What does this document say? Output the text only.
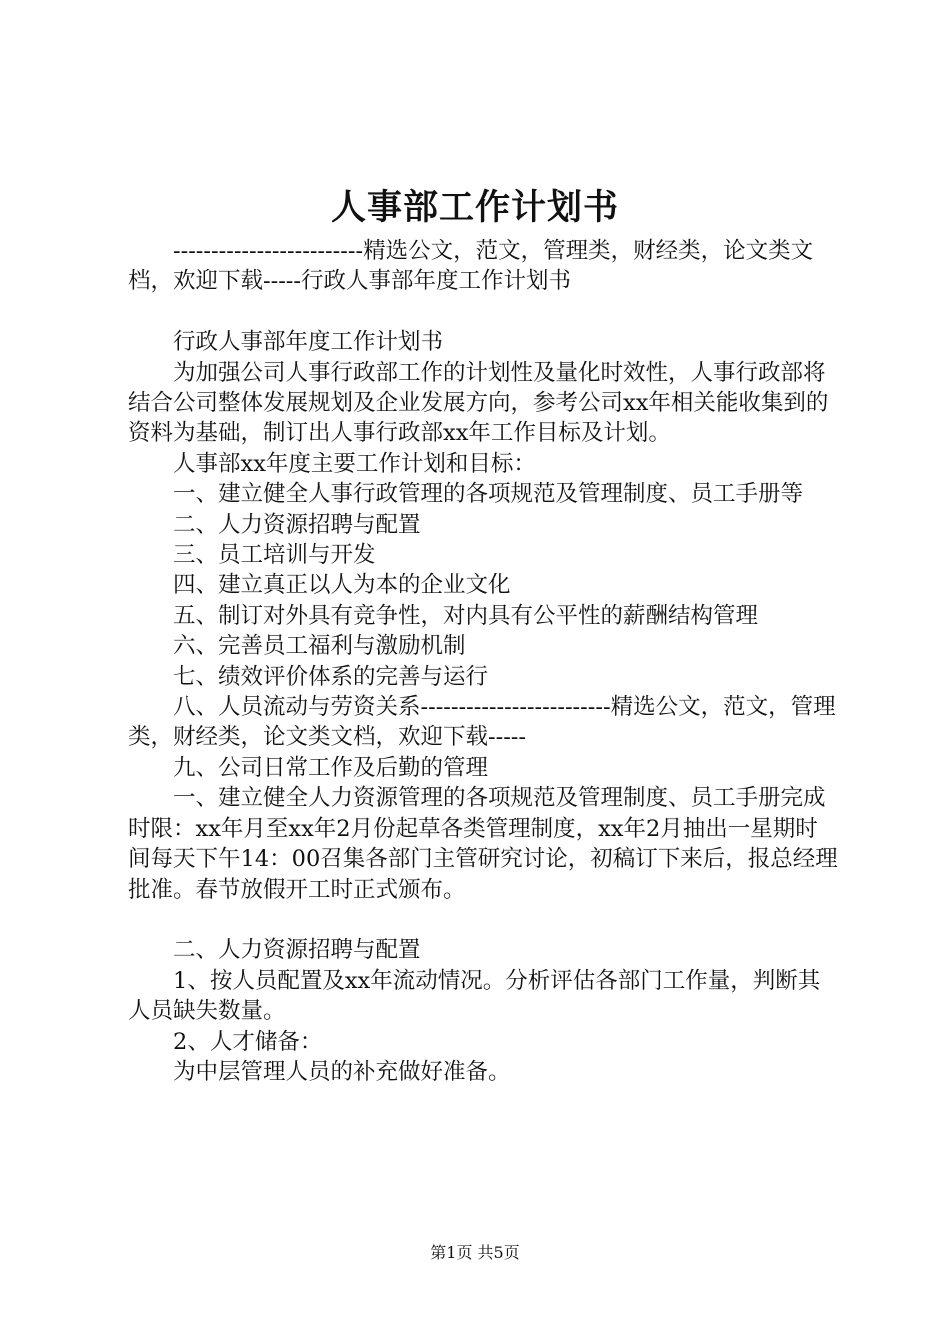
人事部工作计划书

-------------------------精选公文，范文，管理类，财经类，论文类文档，欢迎下载-----行政人事部年度工作计划书

行政人事部年度工作计划书

为加强公司人事行政部工作的计划性及量化时效性，人事行政部将结合公司整体发展规划及企业发展方向，参考公司xx年相关能收集到的资料为基础，制订出人事行政部xx年工作目标及计划。

人事部xx年度主要工作计划和目标：

一、建立健全人事行政管理的各项规范及管理制度、员工手册等

二、人力资源招聘与配置

三、员工培训与开发

四、建立真正以人为本的企业文化

五、制订对外具有竞争性，对内具有公平性的薪酬结构管理

六、完善员工福利与激励机制

七、绩效评价体系的完善与运行

八、人员流动与劳资关系-------------------------精选公文，范文，管理类，财经类，论文类文档，欢迎下载-----

九、公司日常工作及后勤的管理

一、建立健全人力资源管理的各项规范及管理制度、员工手册完成时限：xx年月至xx年2月份起草各类管理制度，xx年2月抽出一星期时间每天下午14：00召集各部门主管研究讨论，初稿订下来后，报总经理批准。春节放假开工时正式颁布。

二、人力资源招聘与配置

1、按人员配置及xx年流动情况。分析评估各部门工作量，判断其人员缺失数量。

2、人才储备：

为中层管理人员的补充做好准备。

第1页 共5页
